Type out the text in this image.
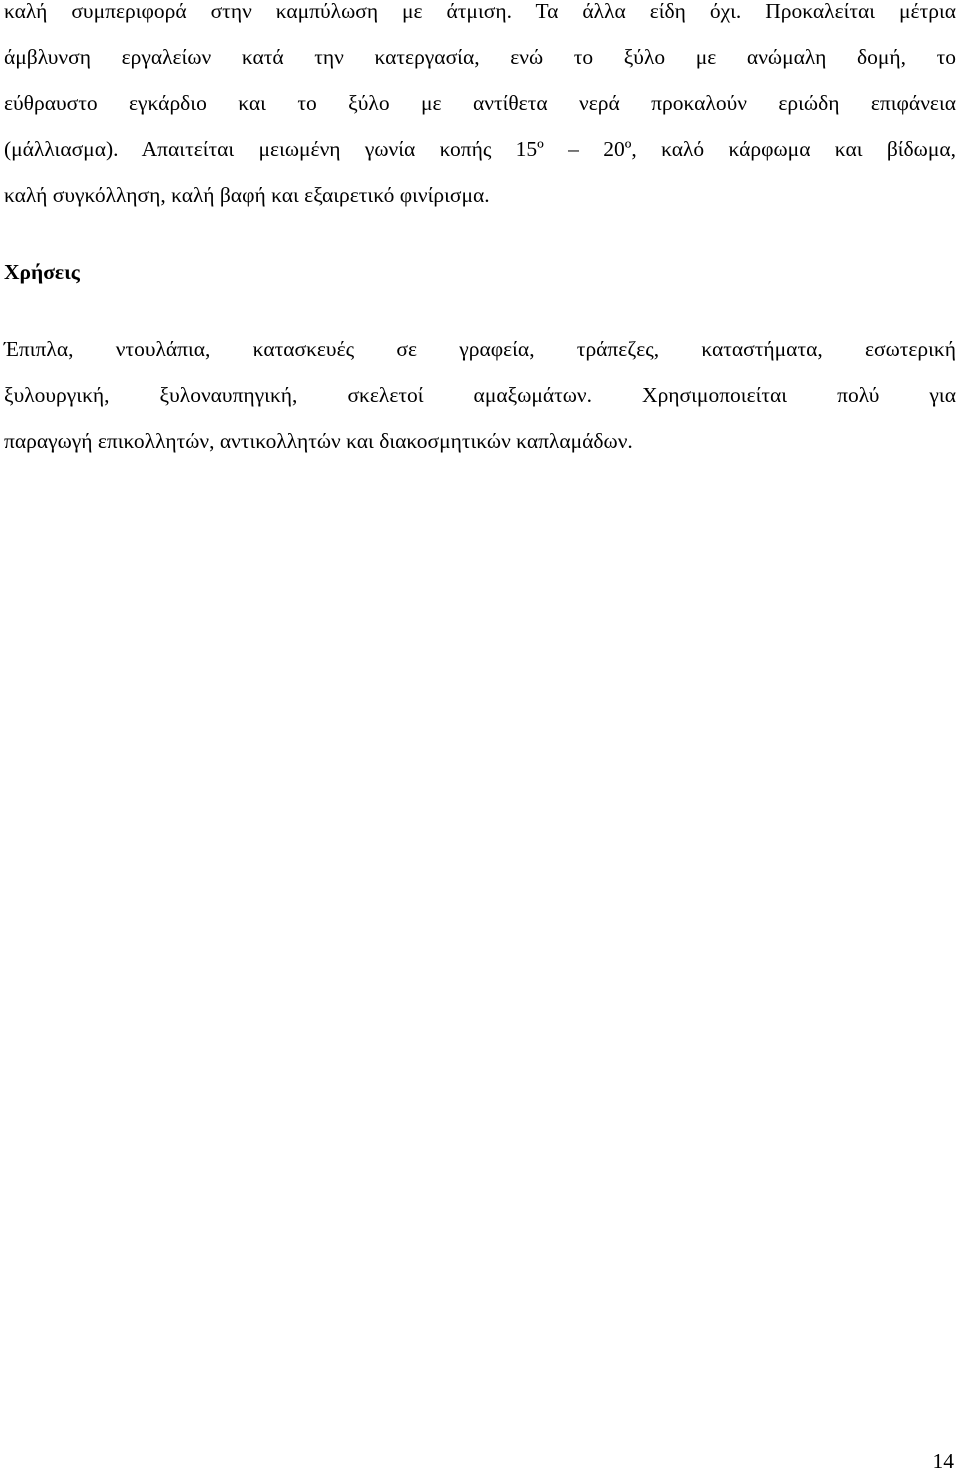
καλή συμπεριφορά στην καμπύλωση με άτμιση. Τα άλλα είδη όχι. Προκαλείται μέτρια
άμβλυνση εργαλείων κατά την κατεργασία, ενώ το ξύλο με ανώμαλη δομή, το
εύθραυστο εγκάρδιο και το ξύλο με αντίθετα νερά προκαλούν εριώδη επιφάνεια
(μάλλιασμα). Απαιτείται μειωμένη γωνία κοπής 15º – 20º, καλό κάρφωμα και βίδωμα,
καλή συγκόλληση, καλή βαφή και εξαιρετικό φινίρισμα.
Χρήσεις
Έπιπλα, ντουλάπια, κατασκευές σε γραφεία, τράπεζες, καταστήματα, εσωτερική
ξυλουργική, ξυλοναυπηγική, σκελετοί αμαξωμάτων. Χρησιμοποιείται πολύ για
παραγωγή επικολλητών, αντικολλητών και διακοσμητικών καπλαμάδων.
14
